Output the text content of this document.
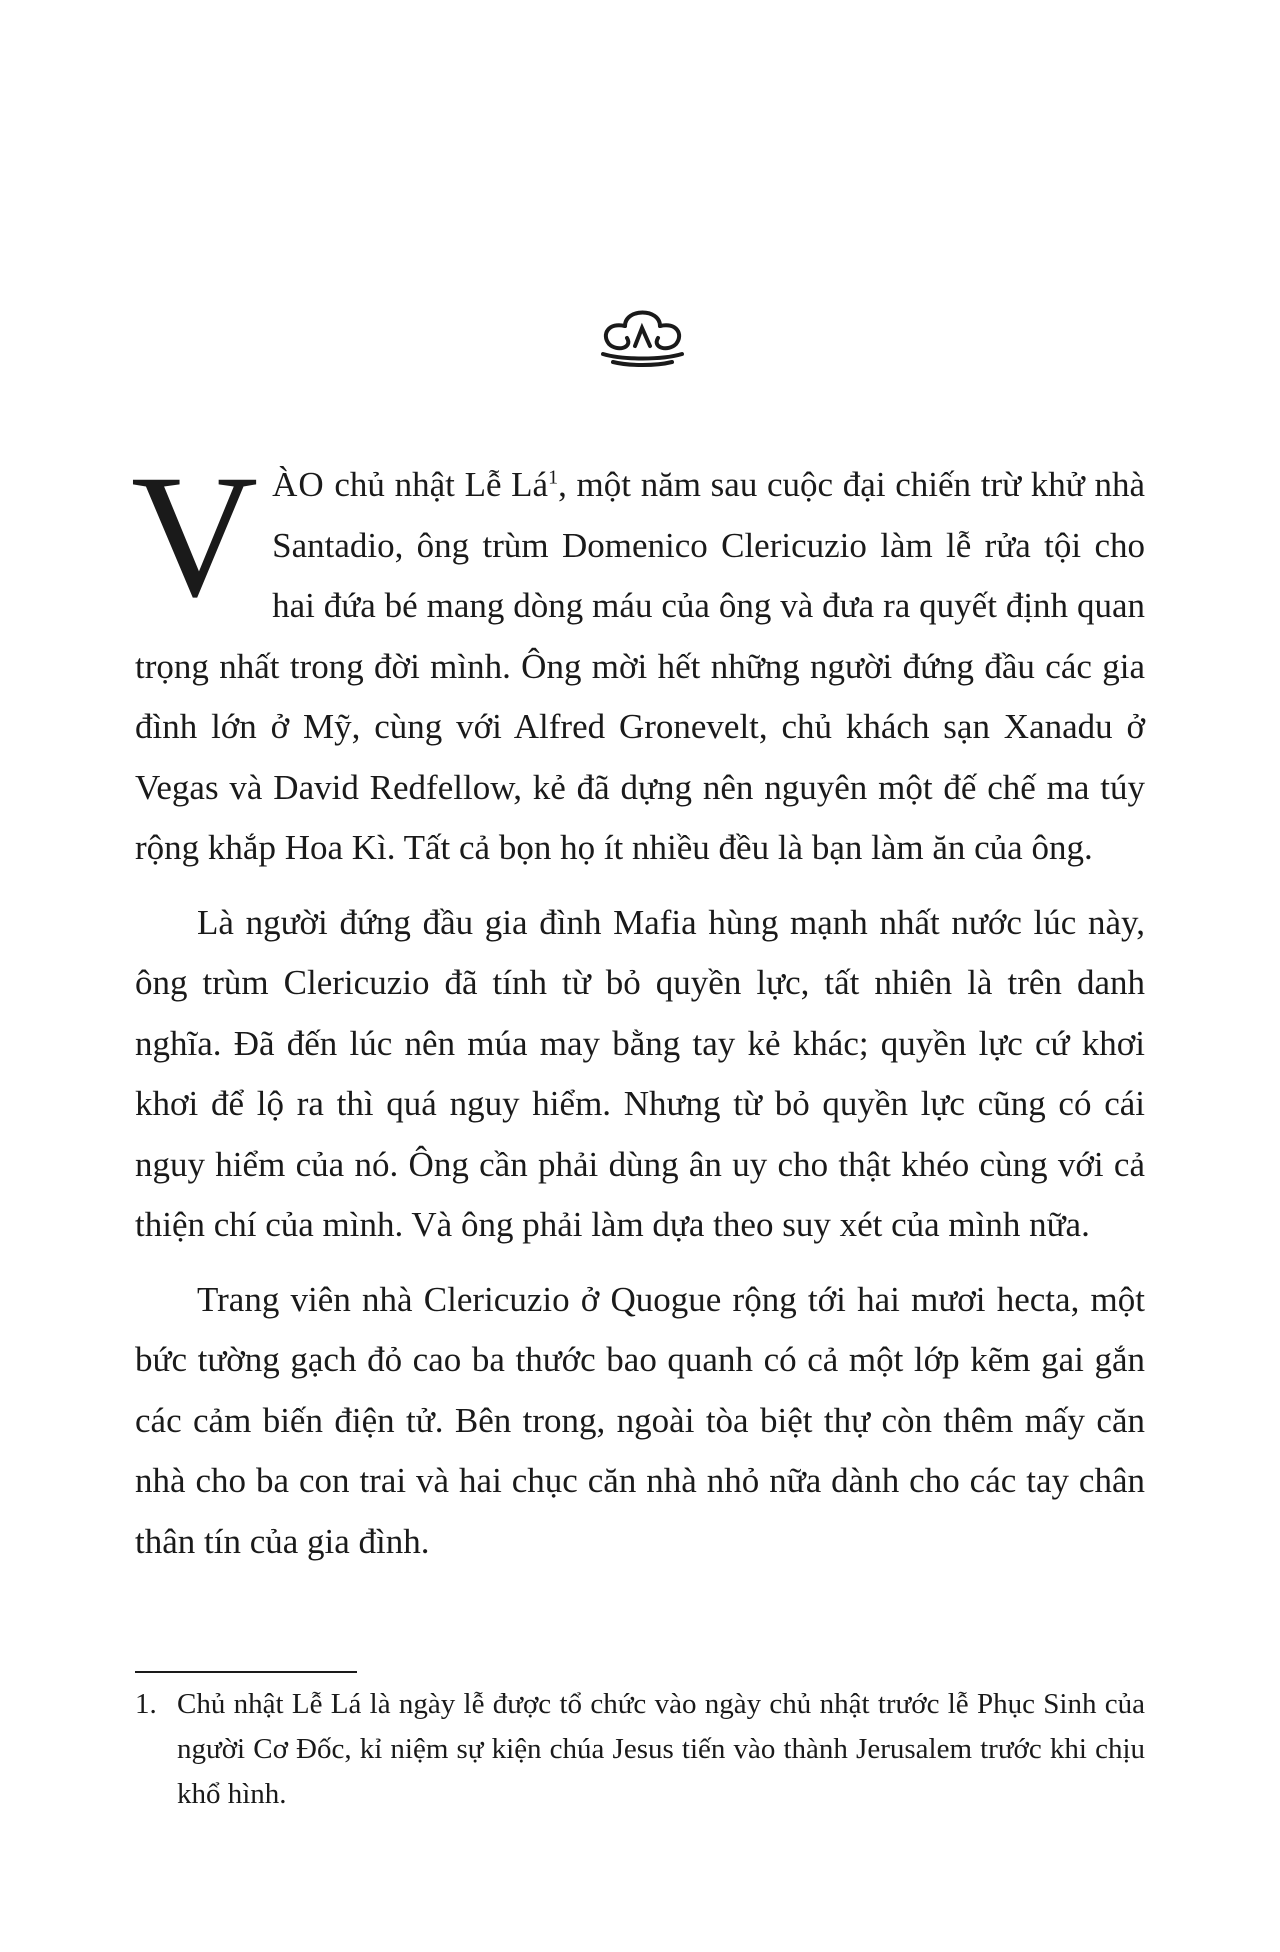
VÀO chủ nhật Lễ $Lá^1$, một năm sau cuộc đại chiến trừ khử nhà Santadio, ông trùm Domenico Clericuzio làm lễ rửa tội cho hai đứa bé mang dòng máu của ông và đưa ra quyết định quan trọng nhất trong đời mình. Ông mời hết những người đứng đầu các gia đình lớn ở Mỹ, cùng với Alfred Gronevelt, chủ khách sạn Xanadu ở Vegas và David Redfellow, kẻ đã dựng nên nguyên một đế chế ma túy rộng khắp Hoa Kì. Tất cả bọn họ ít nhiều đều là bạn làm ăn của ông.

Là người đứng đầu gia đình Mafia hùng mạnh nhất nước lúc này, ông trùm Clericuzio đã tính từ bỏ quyền lực, tất nhiên là trên danh nghĩa. Đã đến lúc nên múa may bằng tay kẻ khác; quyền lực cứ khơi khơi để lộ ra thì quá nguy hiểm. Nhưng từ bỏ quyền lực cũng có cái nguy hiểm của nó. Ông cần phải dùng ân uy cho thật khéo cùng với cả thiện chí của mình. Và ông phải làm dựa theo suy xét của mình nữa.

Trang viên nhà Clericuzio ở Quogue rộng tới hai mươi hecta, một bức tường gạch đỏ cao ba thước bao quanh có cả một lớp kẽm gai gắn các cảm biến điện tử. Bên trong, ngoài tòa biệt thự còn thêm mấy căn nhà cho ba con trai và hai chục căn nhà nhỏ nữa dành cho các tay chân thân tín của gia đình.

1. Chủ nhật Lễ Lá là ngày lễ được tổ chức vào ngày chủ nhật trước lễ Phục Sinh của người Cơ Đốc, kỉ niệm sự kiện chúa Jesus tiến vào thành Jerusalem trước khi chịu khổ hình.
